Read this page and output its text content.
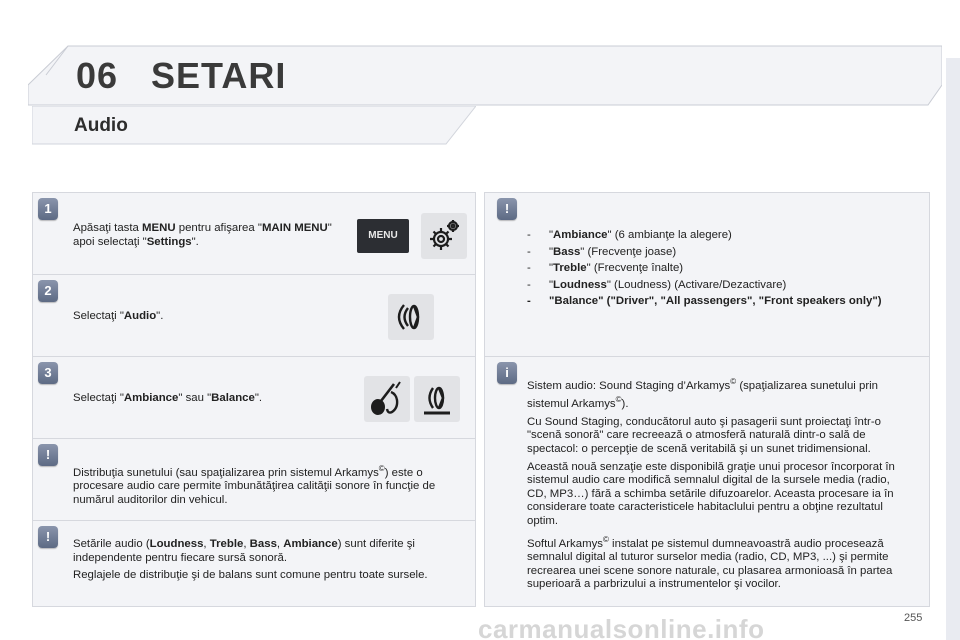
06 SETARI
Audio
1
Apăsaţi tasta MENU pentru afişarea "MAIN MENU" apoi selectaţi "Settings".
MENU
2
Selectaţi "Audio".
3
Selectaţi "Ambiance" sau "Balance".
!

Distribuţia sunetului (sau spaţializarea prin sistemul Arkamys©) este o procesare audio care permite îmbunătăţirea calităţii sonore în funcţie de numărul auditorilor din vehicul.

!	Setările audio (Loudness, Treble, Bass, Ambiance) sunt diferite şi independente pentru fiecare sursă sonoră.

Reglajele de distribuţie şi de balans sunt comune pentru toate sursele.

!
- "Ambiance" (6 ambianţe la alegere)
- "Bass" (Frecvenţe joase)
- "Treble" (Frecvenţe înalte)
- "Loudness" (Loudness) (Activare/Dezactivare)
- "Balance" ("Driver", "All passengers", "Front speakers only")
i

Sistem audio: Sound Staging d’Arkamys© (spaţializarea sunetului prin sistemul Arkamys©).

Cu Sound Staging, conducătorul auto şi pasagerii sunt proiectaţi într-o "scenă sonoră" care recreează o atmosferă naturală dintr-o sală de spectacol: o percepţie de scenă veritabilă şi un sunet tridimensional.

Această nouă senzaţie este disponibilă graţie unui procesor încorporat în sistemul audio care modifică semnalul digital de la sursele media (radio, CD, MP3…) fără a schimba setările difuzoarelor. Aceasta procesare ia în considerare toate caracteristicele habitaclului pentru a obţine rezultatul optim.

Softul Arkamys© instalat pe sistemul dumneavoastră audio procesează semnalul digital al tuturor surselor media (radio, CD, MP3, ...) şi permite recrearea unei scene sonore naturale, cu plasarea armonioasă în partea superioară a parbrizului a instrumentelor şi vocilor.

carmanualsonline.info	255
